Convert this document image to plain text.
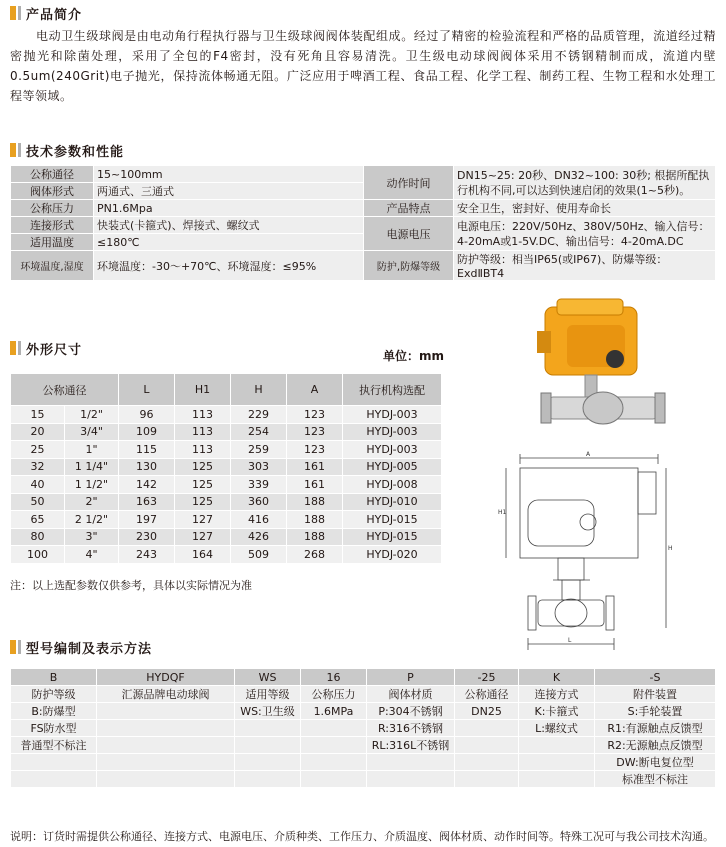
产品简介

电动卫生级球阀是由电动角行程执行器与卫生级球阀阀体装配组成。经过了精密的检验流程和严格的品质管理，流道经过精密抛光和除菌处理，采用了全包的F4密封，没有死角且容易清洗。卫生级电动球阀阀体采用不锈钢精制而成，流道内壁0.5um(240Grit)电子抛光，保持流体畅通无阻。广泛应用于啤酒工程、食品工程、化学工程、制药工程、生物工程和水处理工程等领域。

技术参数和性能
公称通径	15~100mm	动作时间	DN15~25: 20秒、DN32~100: 30秒; 根据所配执行机构不同,可以达到快速启闭的效果(1~5秒)。
阀体形式	两通式、三通式		
公称压力	PN1.6Mpa	产品特点	安全卫生，密封好、使用寿命长
连接形式	快装式(卡箍式)、焊接式、螺纹式	电源电压	电源电压：220V/50Hz、380V/50Hz、输入信号：4-20mA或1-5V.DC、输出信号：4-20mA.DC
适用温度	≤180℃		
环境温度,湿度	环境温度：-30～+70℃、环境湿度：≤95%	防护,防爆等级	防护等级：相当IP65(或IP67)、防爆等级：ExdⅡBT4
外形尺寸	单位：mm
公称通径		L	H1	H	A	执行机构选配
15	1/2"	96	113	229	123	HYDJ-003
20	3/4"	109	113	254	123	HYDJ-003
25	1"	115	113	259	123	HYDJ-003
32	1 1/4"	130	125	303	161	HYDJ-005
40	1 1/2"	142	125	339	161	HYDJ-008
50	2"	163	125	360	188	HYDJ-010
65	2 1/2"	197	127	416	188	HYDJ-015
80	3"	230	127	426	188	HYDJ-015
100	4"	243	164	509	268	HYDJ-020
注：以上选配参数仅供参考，具体以实际情况为准
A
H1
H
L
型号编制及表示方法
B	HYDQF	WS	16	P	-25	K	-S
防护等级	汇源品牌电动球阀	适用等级	公称压力	阀体材质	公称通径	连接方式	附件装置
B:防爆型		WS:卫生级	1.6MPa	P:304不锈钢	DN25	K:卡箍式	S:手轮装置
FS防水型				R:316不锈钢		L:螺纹式	R1:有源触点反馈型
普通型不标注				RL:316L不锈钢			R2:无源触点反馈型
							DW:断电复位型
							标准型不标注
说明：订货时需提供公称通径、连接方式、电源电压、介质种类、工作压力、介质温度、阀体材质、动作时间等。特殊工况可与我公司技术沟通。
